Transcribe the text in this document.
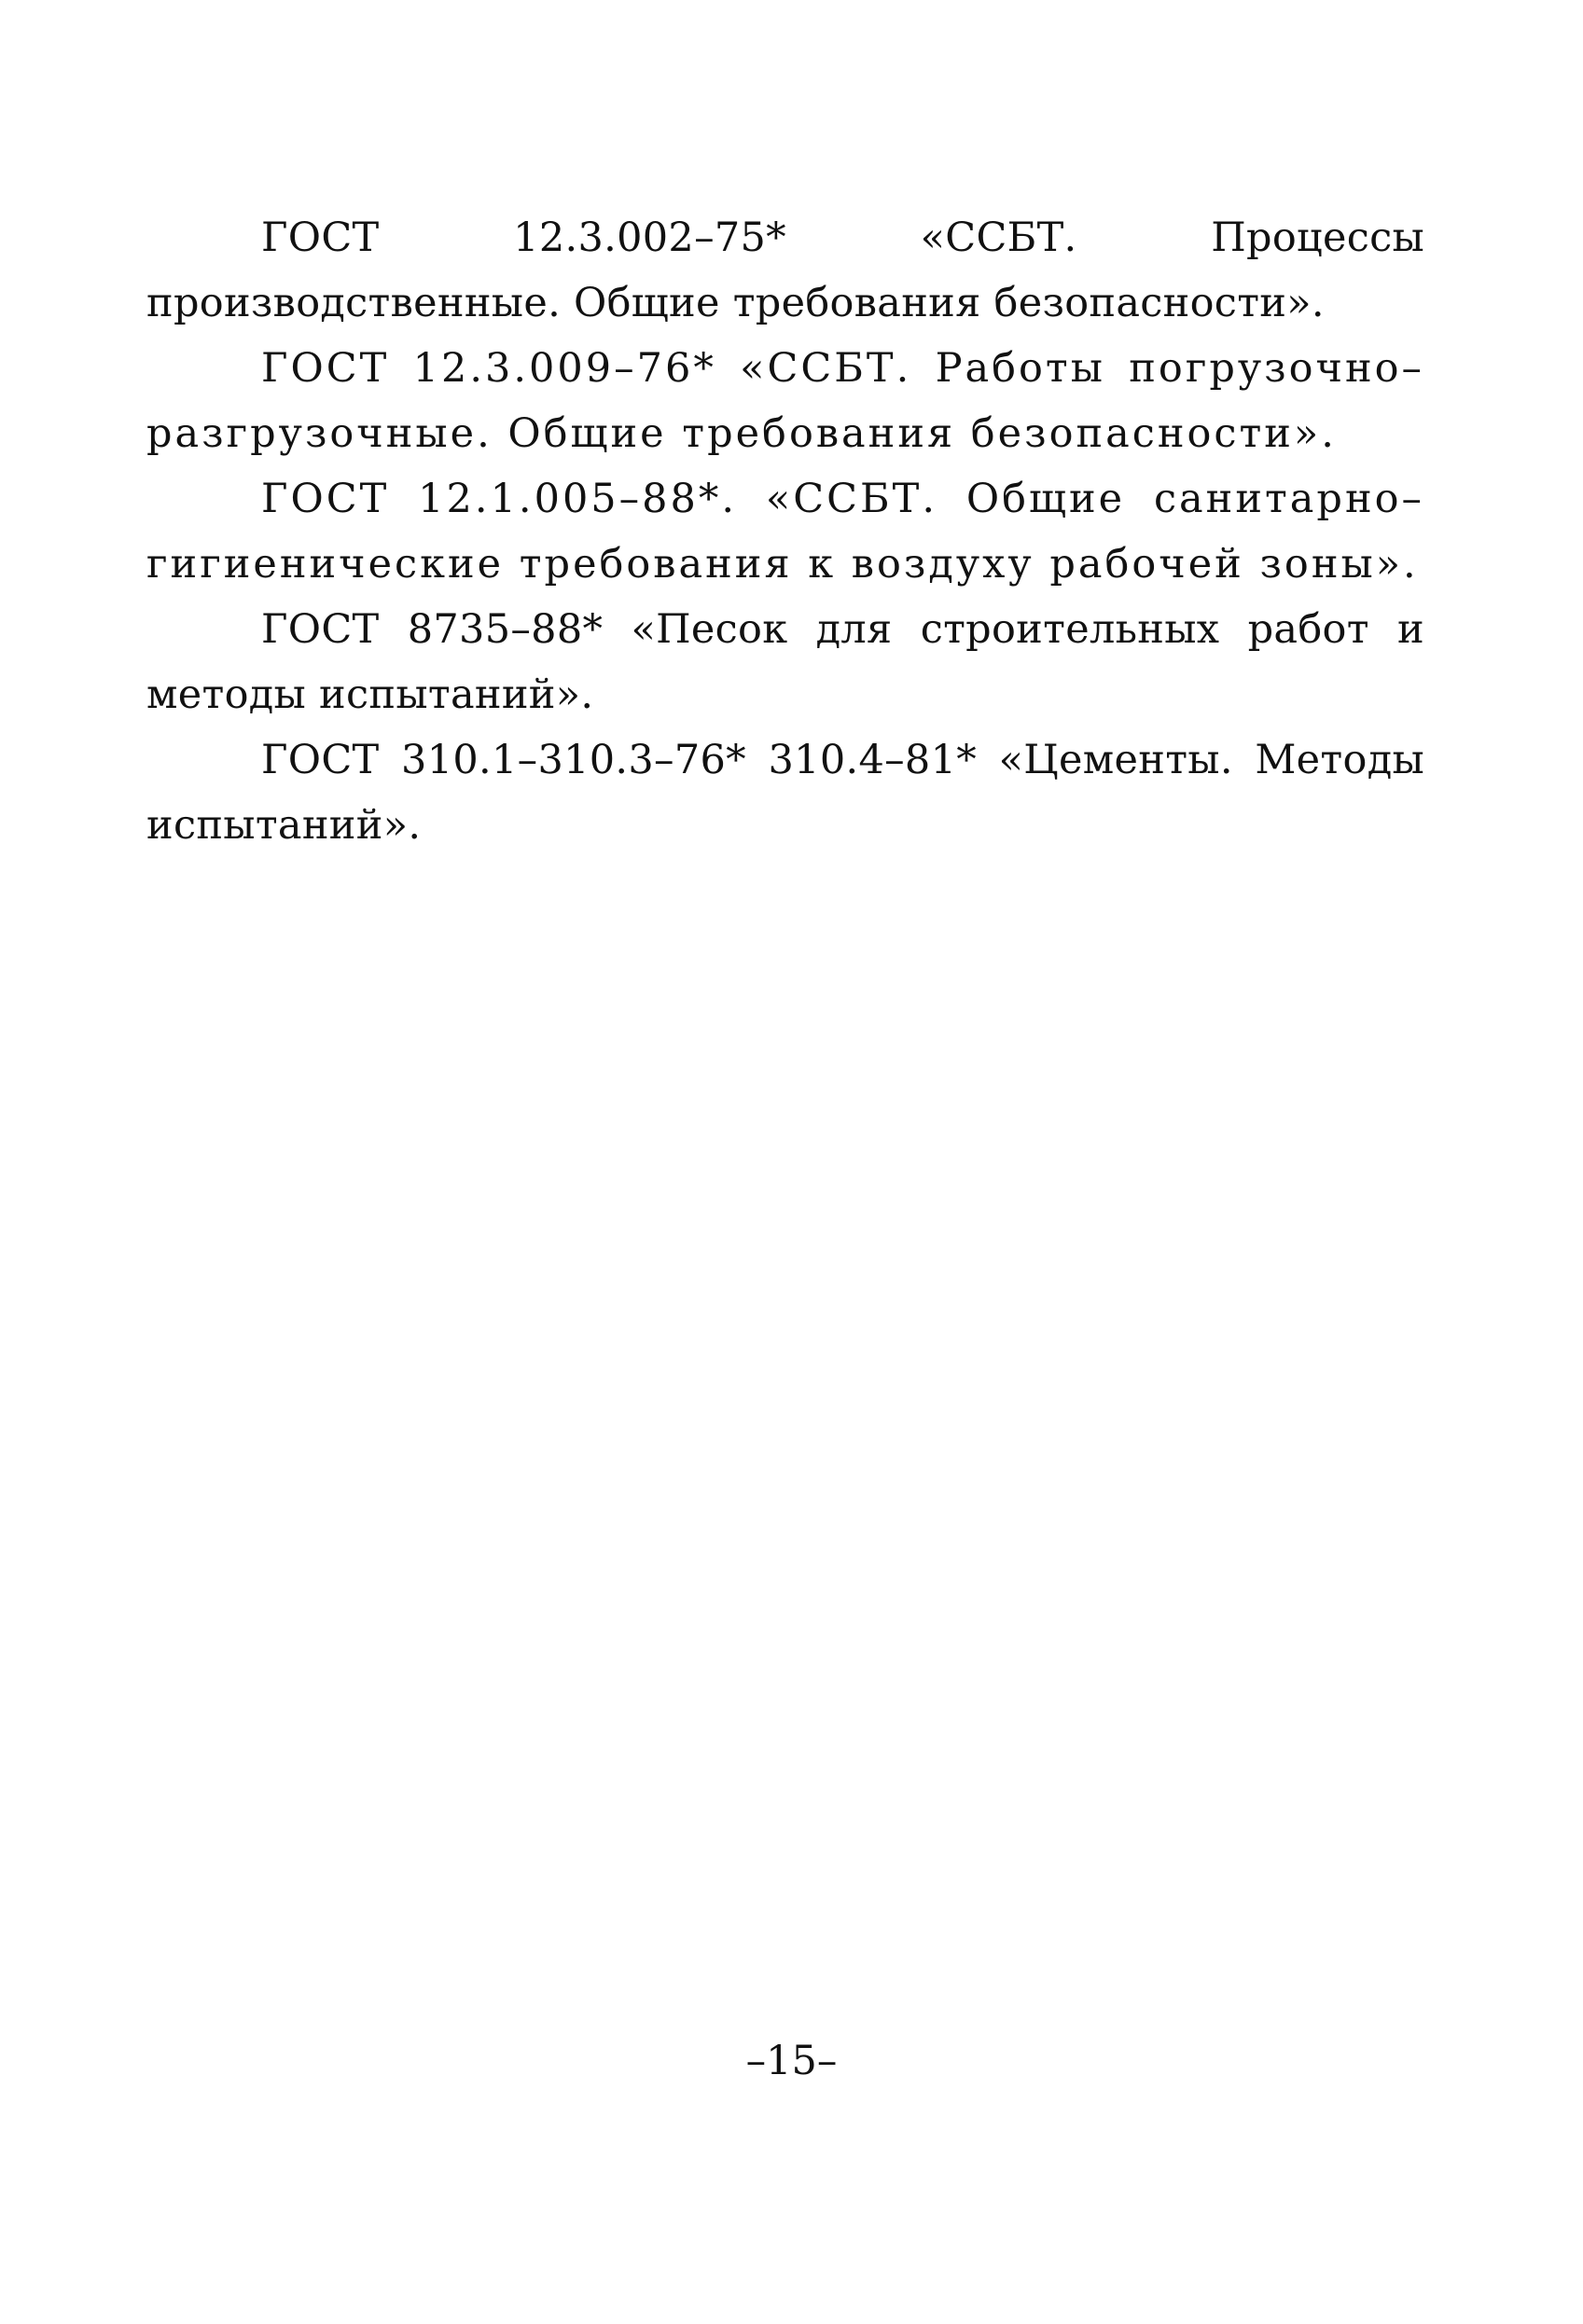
ГОСТ 12.3.002–75* «ССБТ. Процессы производственные. Общие требования безопасности».

ГОСТ 12.3.009–76* «ССБТ. Работы погрузочно–разгрузочные. Общие требования безопасности».

ГОСТ 12.1.005–88*. «ССБТ. Общие санитарно–гигиенические требования к воздуху рабочей зоны».

ГОСТ 8735–88* «Песок для строительных работ и методы испытаний».

ГОСТ 310.1–310.3–76* 310.4–81* «Цементы. Методы испытаний».

–15–
